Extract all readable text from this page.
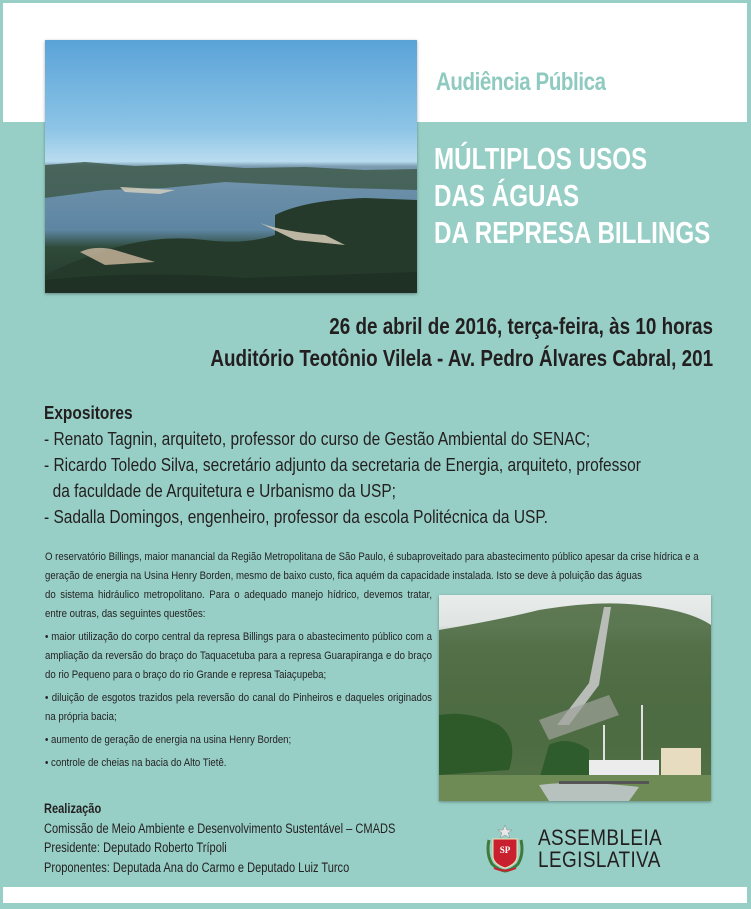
Audiência Pública
MÚLTIPLOS USOS
DAS ÁGUAS
DA REPRESA BILLINGS
26 de abril de 2016, terça-feira, às 10 horas
Auditório Teotônio Vilela - Av. Pedro Álvares Cabral, 201
Expositores
- Renato Tagnin, arquiteto, professor do curso de Gestão Ambiental do SENAC;
- Ricardo Toledo Silva, secretário adjunto da secretaria de Energia, arquiteto, professor
da faculdade de Arquitetura e Urbanismo da USP;
- Sadalla Domingos, engenheiro, professor da escola Politécnica da USP.
O reservatório Billings, maior manancial da Região Metropolitana de São Paulo, é subaproveitado para abastecimento público apesar da crise hídrica e a geração de energia na Usina Henry Borden, mesmo de baixo custo, fica aquém da capacidade instalada. Isto se deve à poluição das águas
do sistema hidráulico metropolitano. Para o adequado manejo hídrico, devemos tratar, entre outras, das seguintes questões:
• maior utilização do corpo central da represa Billings para o abastecimento público com a ampliação da reversão do braço do Taquacetuba para a represa Guarapiranga e do braço do rio Pequeno para o braço do rio Grande e represa Taiaçupeba;
• diluição de esgotos trazidos pela reversão do canal do Pinheiros e daqueles originados na própria bacia;
• aumento de geração de energia na usina Henry Borden;
• controle de cheias na bacia do Alto Tietê.
Realização
Comissão de Meio Ambiente e Desenvolvimento Sustentável – CMADS
Presidente: Deputado Roberto Trípoli
Proponentes: Deputada Ana do Carmo e Deputado Luiz Turco
SP ASSEMBLEIA
LEGISLATIVA
